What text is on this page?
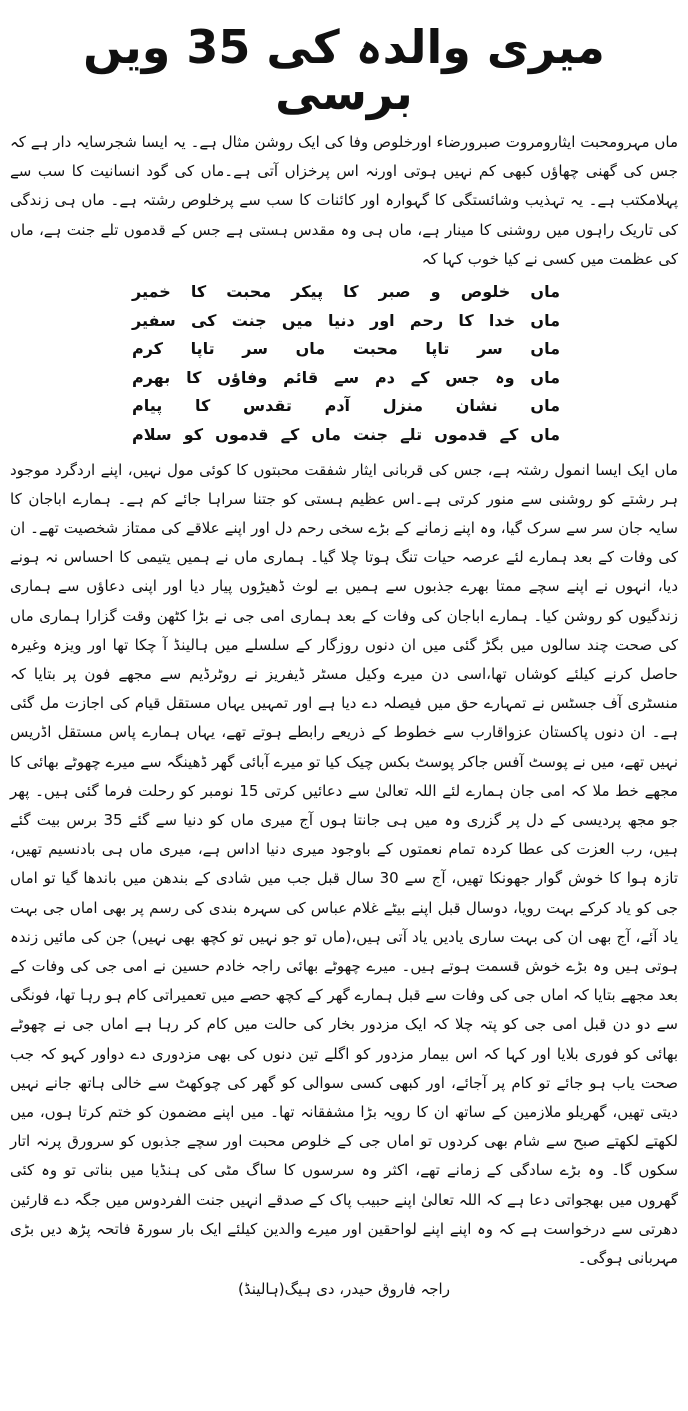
میری والدہ کی 35 ویں برسی

ماں مہرومحبت ایثارومروت صبرورضاء اورخلوص وفا کی ایک روشن مثال ہے۔ یہ ایسا شجرسایہ دار ہے کہ جس کی گھنی چھاؤں کبھی کم نہیں ہوتی اورنہ اس پرخزاں آتی ہے۔ماں کی گود انسانیت کا سب سے پہلامکتب ہے۔ یہ تہذیب وشائستگی کا گہوارہ اور کائنات کا سب سے پرخلوص رشتہ ہے۔ ماں ہی زندگی کی تاریک راہوں میں روشنی کا مینار ہے، ماں ہی وہ مقدس ہستی ہے جس کے قدموں تلے جنت ہے، ماں کی عظمت میں کسی نے کیا خوب کہا کہ

ماں خلوص و صبر کا پیکر محبت کا خمیر
ماں خدا کا رحم اور دنیا میں جنت کی سفیر
ماں سر تاپا محبت ماں سر تاپا کرم
ماں وہ جس کے دم سے قائم وفاؤں کا بھرم
ماں نشان منزل آدم تقدس کا پیام
ماں کے قدموں تلے جنت ماں کے قدموں کو سلام

ماں ایک ایسا انمول رشتہ ہے، جس کی قربانی ایثار شفقت محبتوں کا کوئی مول نہیں، اپنے اردگرد موجود ہر رشتے کو روشنی سے منور کرتی ہے۔اس عظیم ہستی کو جتنا سراہا جائے کم ہے۔ ہمارے اباجان کا سایہ جان سر سے سرک گیا، وہ اپنے زمانے کے بڑے سخی رحم دل اور اپنے علاقے کی ممتاز شخصیت تھے۔ ان کی وفات کے بعد ہمارے لئے عرصہ حیات تنگ ہوتا چلا گیا۔ ہماری ماں نے ہمیں یتیمی کا احساس نہ ہونے دیا، انہوں نے اپنے سچے ممتا بھرے جذبوں سے ہمیں بے لوث ڈھیڑوں پیار دیا اور اپنی دعاؤں سے ہماری زندگیوں کو روشن کیا۔ ہمارے اباجان کی وفات کے بعد ہماری امی جی نے بڑا کٹھن وقت گزارا ہماری ماں کی صحت چند سالوں میں بگڑ گئی میں ان دنوں روزگار کے سلسلے میں ہالینڈ آ چکا تھا اور ویزہ وغیرہ حاصل کرنے کیلئے کوشاں تھا،اسی دن میرے وکیل مسٹر ڈیفریز نے روٹرڈیم سے مجھے فون پر بتایا کہ منسٹری آف جسٹس نے تمہارے حق میں فیصلہ دے دیا ہے اور تمہیں یہاں مستقل قیام کی اجازت مل گئی ہے۔ ان دنوں پاکستان عزواقارب سے خطوط کے ذریعے رابطے ہوتے تھے، یہاں ہمارے پاس مستقل اڈریس نہیں تھے، میں نے پوسٹ آفس جاکر پوسٹ بکس چیک کیا تو میرے آبائی گھر ڈھینگہ سے میرے چھوٹے بھائی کا مجھے خط ملا کہ امی جان ہمارے لئے اللہ تعالیٰ سے دعائیں کرتی 15 نومبر کو رحلت فرما گئی ہیں۔ پھر جو مجھ پردیسی کے دل پر گزری وہ میں ہی جانتا ہوں آج میری ماں کو دنیا سے گئے 35 برس بیت گئے ہیں، رب العزت کی عطا کردہ تمام نعمتوں کے باوجود میری دنیا اداس ہے، میری ماں ہی بادنسیم تھیں، تازہ ہوا کا خوش گوار جھونکا تھیں، آج سے 30 سال قبل جب میں شادی کے بندھن میں باندھا گیا تو اماں جی کو یاد کرکے بہت رویا، دوسال قبل اپنے بیٹے غلام عباس کی سہرہ بندی کی رسم پر بھی اماں جی بہت یاد آئے، آج بھی ان کی بہت ساری یادیں یاد آتی ہیں،(ماں تو جو نہیں تو کچھ بھی نہیں) جن کی مائیں زندہ ہوتی ہیں وہ بڑے خوش قسمت ہوتے ہیں۔ میرے چھوٹے بھائی راجہ خادم حسین نے امی جی کی وفات کے بعد مجھے بتایا کہ اماں جی کی وفات سے قبل ہمارے گھر کے کچھ حصے میں تعمیراتی کام ہو رہا تھا، فونگی سے دو دن قبل امی جی کو پتہ چلا کہ ایک مزدور بخار کی حالت میں کام کر رہا ہے اماں جی نے چھوٹے بھائی کو فوری بلایا اور کہا کہ اس بیمار مزدور کو اگلے تین دنوں کی بھی مزدوری دے دواور کہو کہ جب صحت یاب ہو جائے تو کام پر آجائے، اور کبھی کسی سوالی کو گھر کی چوکھٹ سے خالی ہاتھ جانے نہیں دیتی تھیں، گھریلو ملازمین کے ساتھ ان کا رویہ بڑا مشفقانہ تھا۔ میں اپنے مضمون کو ختم کرتا ہوں، میں لکھتے لکھتے صبح سے شام بھی کردوں تو اماں جی کے خلوص محبت اور سچے جذبوں کو سرورق پرنہ اتار سکوں گا۔ وہ بڑے سادگی کے زمانے تھے، اکثر وہ سرسوں کا ساگ مٹی کی ہنڈیا میں بناتی تو وہ کئی گھروں میں بھجواتی دعا ہے کہ اللہ تعالیٰ اپنے حبیب پاک کے صدقے انہیں جنت الفردوس میں جگہ دے قارئین دھرتی سے درخواست ہے کہ وہ اپنے اپنے لواحقین اور میرے والدین کیلئے ایک بار سورۃ فاتحہ پڑھ دیں بڑی مہربانی ہوگی۔

راجہ فاروق حیدر، دی ہیگ(ہالینڈ)
